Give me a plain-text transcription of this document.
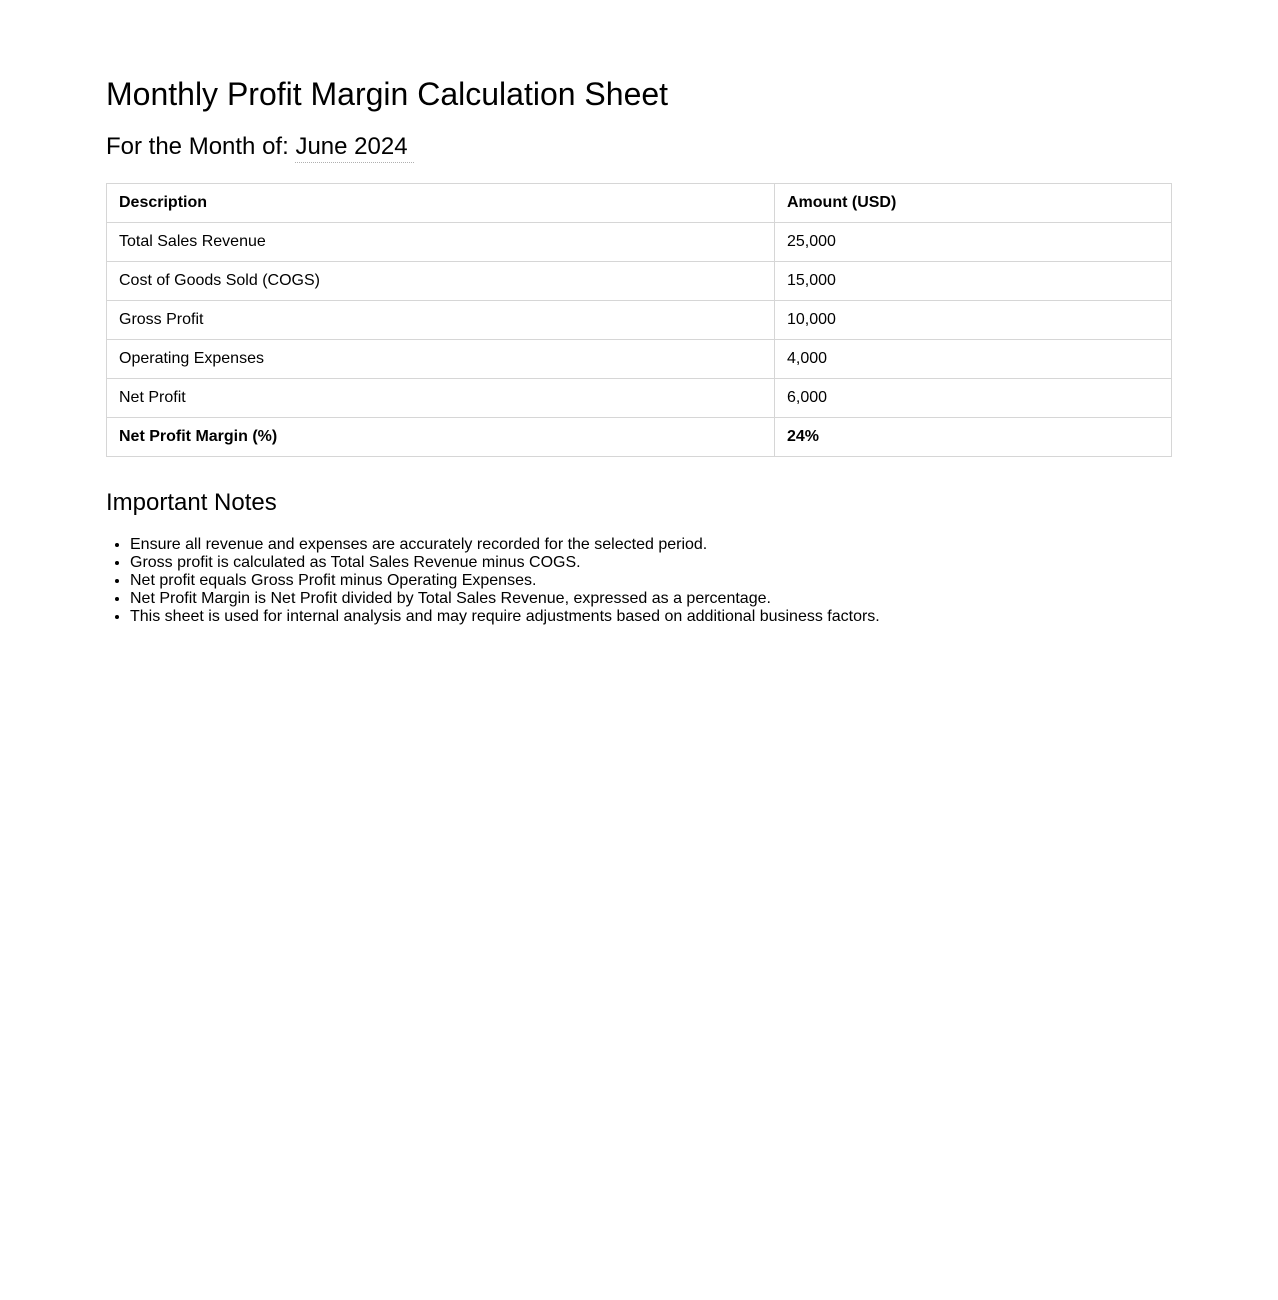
Monthly Profit Margin Calculation Sheet
For the Month of: June 2024
Description	Amount (USD)
Total Sales Revenue	25,000
Cost of Goods Sold (COGS)	15,000
Gross Profit	10,000
Operating Expenses	4,000
Net Profit	6,000
Net Profit Margin (%)	24%
Important Notes
• Ensure all revenue and expenses are accurately recorded for the selected period.
• Gross profit is calculated as Total Sales Revenue minus COGS.
• Net profit equals Gross Profit minus Operating Expenses.
• Net Profit Margin is Net Profit divided by Total Sales Revenue, expressed as a percentage.
• This sheet is used for internal analysis and may require adjustments based on additional business factors.
